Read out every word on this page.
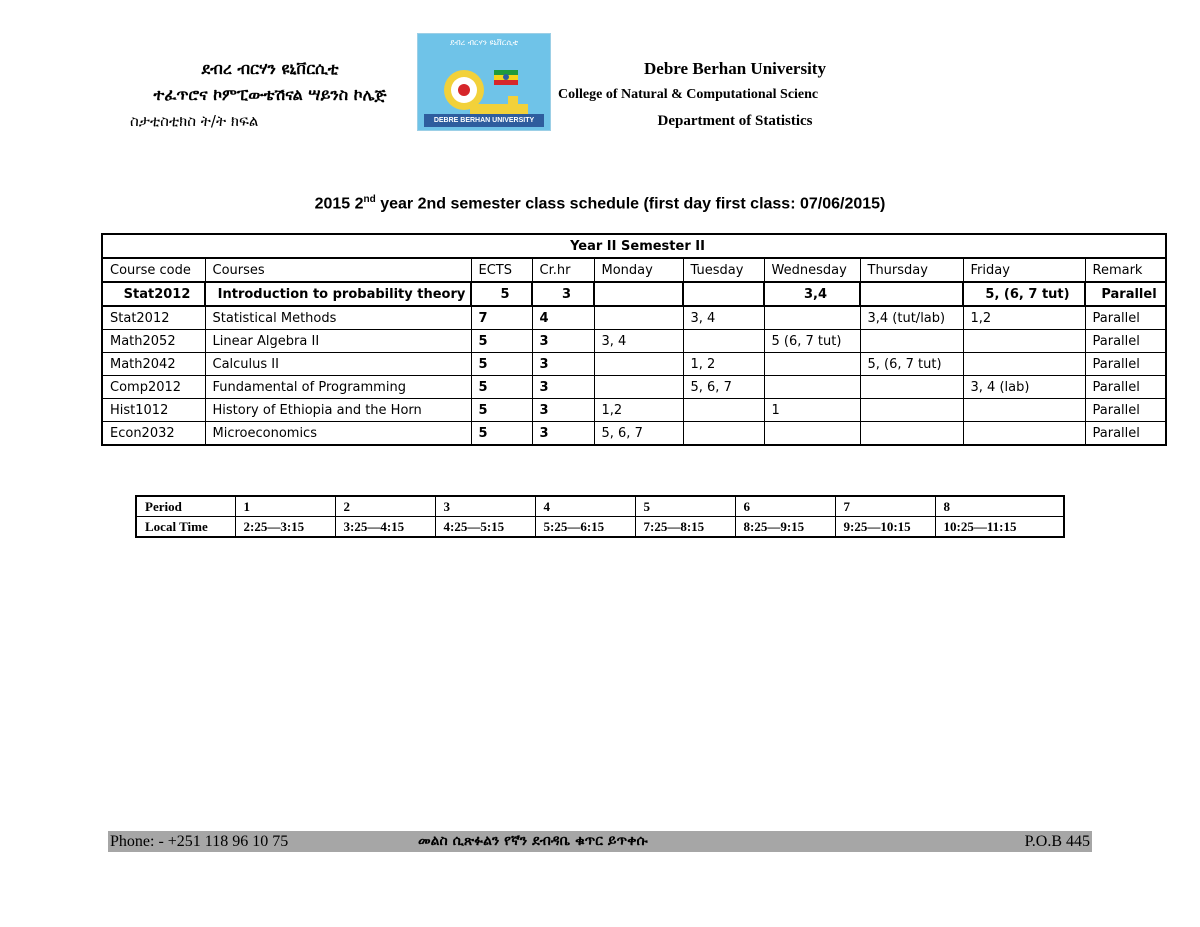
ደብረ ብርሃን ዩኒቨርሲቲ
ተፈጥሮና ኮምፒውቴሽናል ሣይንስ ኮሌጅ
ስታቲስቲክስ ት/ት ክፍል
ደብረ ብርሃን ዩኒቨርሲቲ
DEBRE BERHAN UNIVERSITY
Debre Berhan University
College of Natural & Computational Scienc
Department of Statistics
2015 2nd year 2nd semester class schedule (first day first class: 07/06/2015)
Year II Semester II									
Course code	Courses	ECTS	Cr.hr	Monday	Tuesday	Wednesday	Thursday	Friday	Remark
Stat2012	Introduction to probability theory	5	3			3,4		5, (6, 7 tut)	Parallel
Stat2012	Statistical Methods	7	4		3, 4		3,4 (tut/lab)	1,2	Parallel
Math2052	Linear Algebra II	5	3	3, 4		5 (6, 7 tut)			Parallel
Math2042	Calculus II	5	3		1, 2		5, (6, 7 tut)		Parallel
Comp2012	Fundamental of Programming	5	3		5, 6, 7			3, 4 (lab)	Parallel
Hist1012	History of Ethiopia and the Horn	5	3	1,2		1			Parallel
Econ2032	Microeconomics	5	3	5, 6, 7					Parallel
Period	1	2	3	4	5	6	7	8
Local Time	2:25—3:15	3:25—4:15	4:25—5:15	5:25—6:15	7:25—8:15	8:25—9:15	9:25—10:15	10:25—11:15
Phone: - +251 118 96 10 75	መልስ ሲጽፉልን የኛን ደብዳቤ ቁጥር ይጥቀሱ	P.O.B 445
